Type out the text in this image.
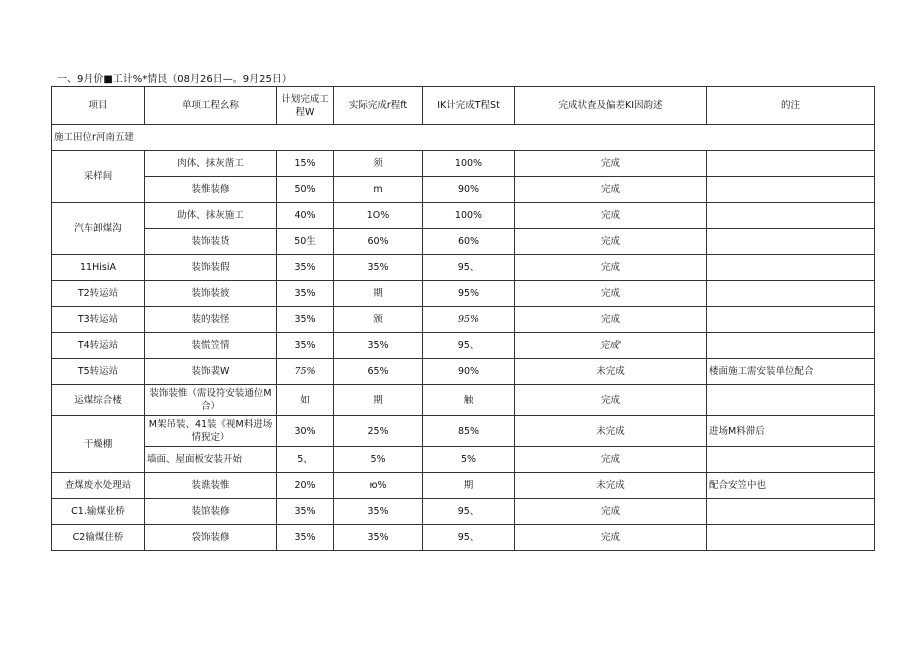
一、9月价■工计%*情艮（08月26日—。9月25日）
项目	单项工程幺称	计划完成工程W	实际完成r程ft	IK计完成T程St	完成状査及偏差KI因韵述	的注
施工田位r河南五建						
采样间	肉体、抹灰凿工	15%	须	100%	完成	
	装惟装修	50%	m	90%	完成	
汽车卸煤沟	助体、抹灰施工	40%	1O%	100%	完成	
	装饰装货	50生	60%	60%	完成	
11HisiA	装饰装假	35%	35%	95、	完成	
T2转运站	装饰装彼	35%	期	95%	完成	
T3转运站	装的装怪	35%	颁	95%	完成	
T4转运站	装慌笠情	35%	35%	95、	完成'	
T5转运站	装饰裴W	75%	65%	90%	未完成	楼面施工需安装单位配合
运煤综合楼	装饰装惟（需设符安装通位M合）	如	期	触	完成	
干燥棚	M架吊装、41装《视M料进场情猊定）	30%	25%	85%	未完成	进场M料滞后
	墙面、屋面板安装开始	5、	5%	5%	完成	
查煤废水处理站	装谯装惟	20%	ю%	期	未完成	配合安笠中也
C1.输煤业桥	装馆装修	35%	35%	95、	完成	
C2输煤住桥	袋饰装修	35%	35%	95、	完成	
